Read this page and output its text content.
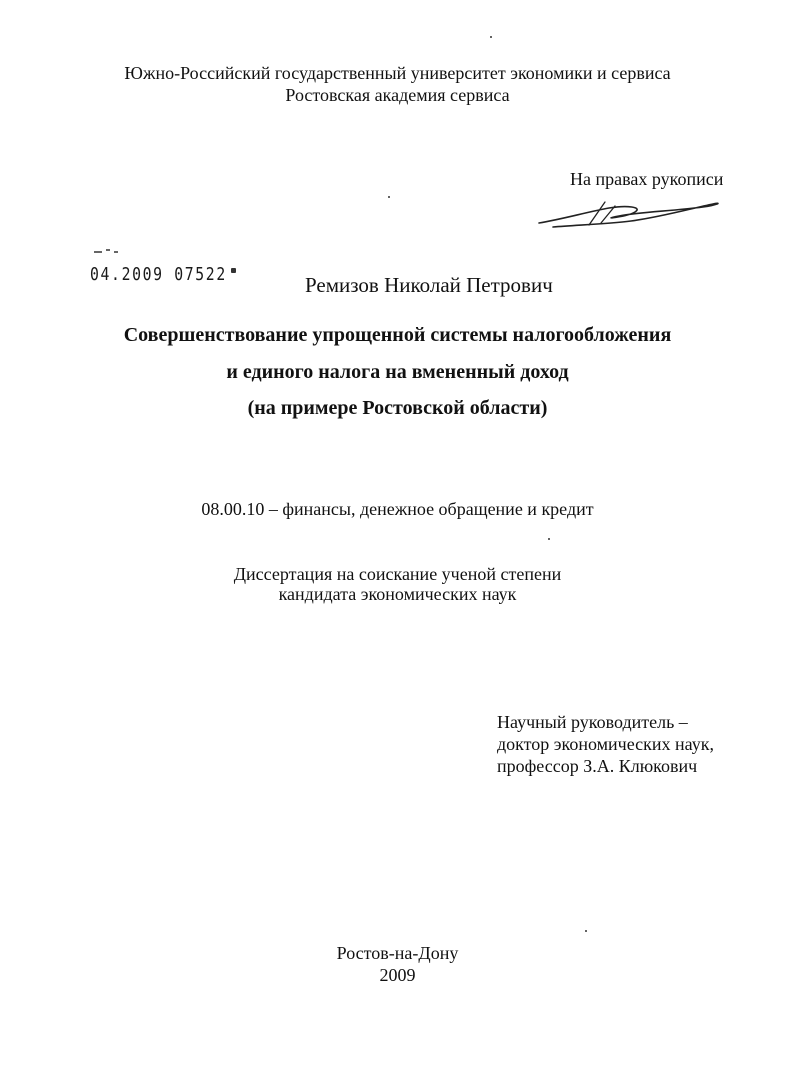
Южно-Российский государственный университет экономики и сервиса
Ростовская академия сервиса
На правах рукописи
04.2009 07522	Ремизов Николай Петрович
Совершенствование упрощенной системы налогообложения
и единого налога на вмененный доход
(на примере Ростовской области)
08.00.10 – финансы, денежное обращение и кредит
Диссертация на соискание ученой степени
кандидата экономических наук
Научный руководитель –
доктор экономических наук,
профессор З.А. Клюкович
Ростов-на-Дону
2009
